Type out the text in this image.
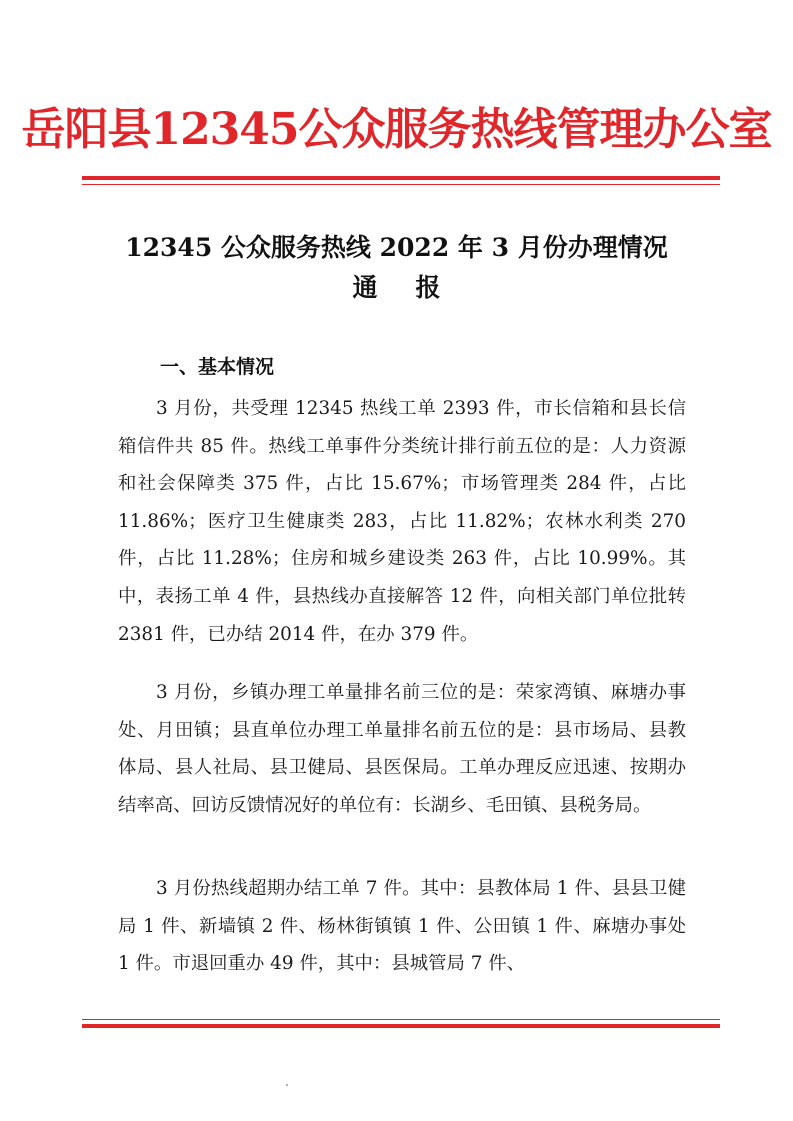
岳阳县12345公众服务热线管理办公室
12345 公众服务热线 2022 年 3 月份办理情况
通报
一、基本情况
3 月份，共受理 12345 热线工单 2393 件，市长信箱和县长信箱信件共 85 件。热线工单事件分类统计排行前五位的是：人力资源和社会保障类 375 件，占比 15.67%；市场管理类 284 件，占比 11.86%；医疗卫生健康类 283，占比 11.82%；农林水利类 270 件，占比 11.28%；住房和城乡建设类 263 件，占比 10.99%。其中，表扬工单 4 件，县热线办直接解答 12 件，向相关部门单位批转 2381 件，已办结 2014 件，在办 379 件。
3 月份，乡镇办理工单量排名前三位的是：荣家湾镇、麻塘办事处、月田镇；县直单位办理工单量排名前五位的是：县市场局、县教体局、县人社局、县卫健局、县医保局。工单办理反应迅速、按期办结率高、回访反馈情况好的单位有：长湖乡、毛田镇、县税务局。
3 月份热线超期办结工单 7 件。其中：县教体局 1 件、县县卫健局 1 件、新墙镇 2 件、杨林街镇镇 1 件、公田镇 1 件、麻塘办事处 1 件。市退回重办 49 件，其中：县城管局 7 件、
